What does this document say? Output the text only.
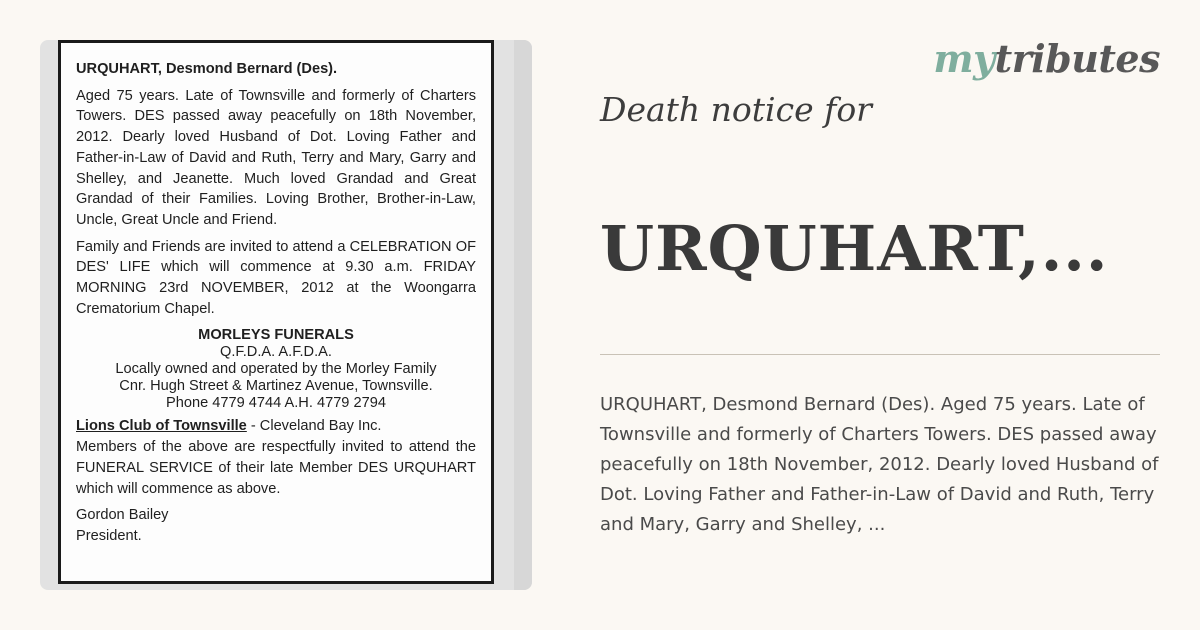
URQUHART, Desmond Bernard (Des).

Aged 75 years. Late of Townsville and formerly of Charters Towers. DES passed away peacefully on 18th November, 2012. Dearly loved Husband of Dot. Loving Father and Father-in-Law of David and Ruth, Terry and Mary, Garry and Shelley, and Jeanette. Much loved Grandad and Great Grandad of their Families. Loving Brother, Brother-in-Law, Uncle, Great Uncle and Friend.

Family and Friends are invited to attend a CELEBRATION OF DES' LIFE which will commence at 9.30 a.m. FRIDAY MORNING 23rd NOVEMBER, 2012 at the Woongarra Crematorium Chapel.

MORLEYS FUNERALS

Q.F.D.A. A.F.D.A.

Locally owned and operated by the Morley Family

Cnr. Hugh Street & Martinez Avenue, Townsville.

Phone 4779 4744 A.H. 4779 2794

Lions Club of Townsville - Cleveland Bay Inc.

Members of the above are respectfully invited to attend the FUNERAL SERVICE of their late Member DES URQUHART which will commence as above.

Gordon Bailey

President.

mytributes
Death notice for
URQUHART,...
URQUHART, Desmond Bernard (Des). Aged 75 years. Late of Townsville and formerly of Charters Towers. DES passed away peacefully on 18th November, 2012. Dearly loved Husband of Dot. Loving Father and Father-in-Law of David and Ruth, Terry and Mary, Garry and Shelley, ...
